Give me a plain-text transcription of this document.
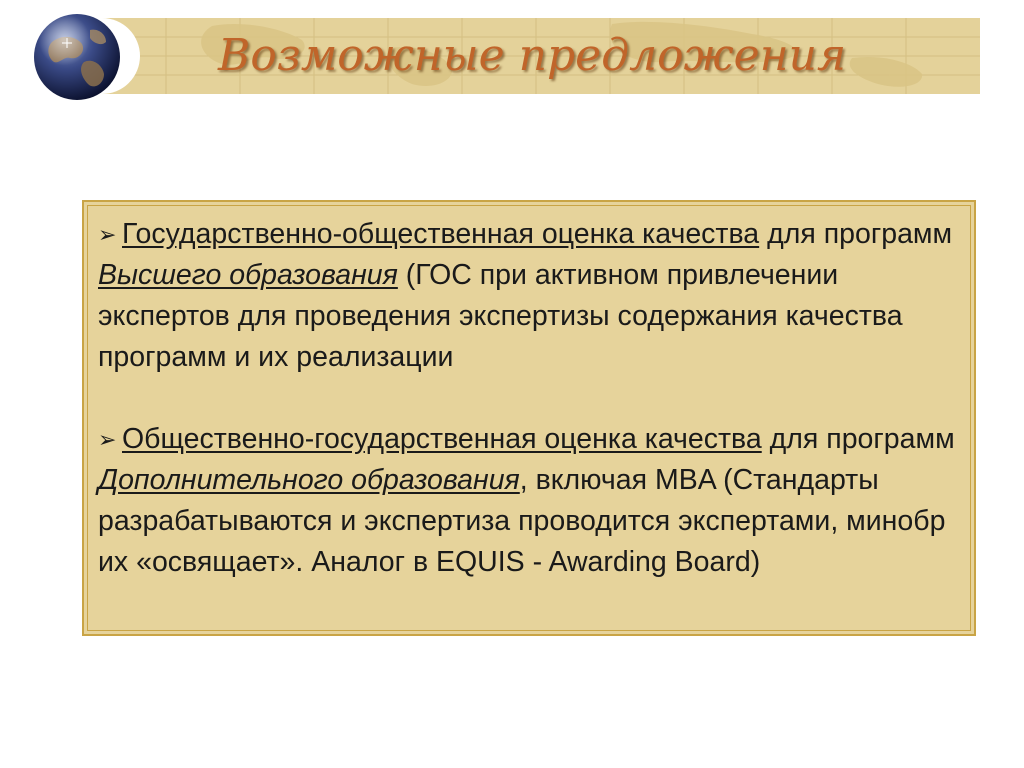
Возможные предложения

➢ Государственно-общественная оценка качества для программ Высшего образования (ГОС при активном привлечении экспертов для проведения экспертизы содержания качества программ и их реализации

➢ Общественно-государственная оценка качества для программ Дополнительного образования, включая MBA (Стандарты разрабатываются и экспертиза проводится экспертами, минобр их «освящает». Аналог в EQUIS - Awarding Board)
